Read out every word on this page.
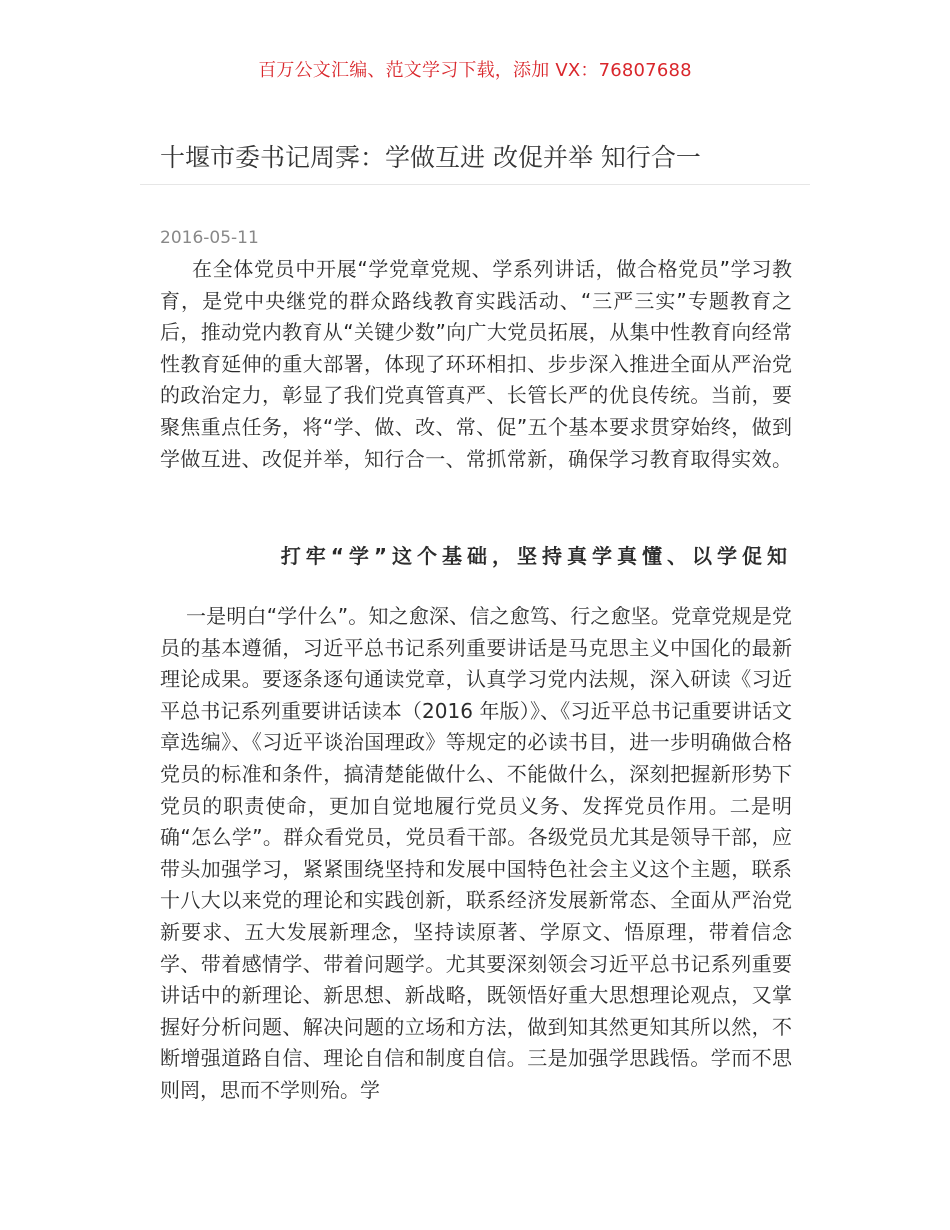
百万公文汇编、范文学习下载，添加 VX：76807688
十堰市委书记周霁：学做互进 改促并举 知行合一
2016-05-11
在全体党员中开展“学党章党规、学系列讲话，做合格党员”学习教育，是党中央继党的群众路线教育实践活动、“三严三实”专题教育之后，推动党内教育从“关键少数”向广大党员拓展，从集中性教育向经常性教育延伸的重大部署，体现了环环相扣、步步深入推进全面从严治党的政治定力，彰显了我们党真管真严、长管长严的优良传统。当前，要聚焦重点任务，将“学、做、改、常、促”五个基本要求贯穿始终，做到学做互进、改促并举，知行合一、常抓常新，确保学习教育取得实效。
打牢“学”这个基础，坚持真学真懂、以学促知
一是明白“学什么”。知之愈深、信之愈笃、行之愈坚。党章党规是党员的基本遵循，习近平总书记系列重要讲话是马克思主义中国化的最新理论成果。要逐条逐句通读党章，认真学习党内法规，深入研读《习近平总书记系列重要讲话读本（2016 年版）》、《习近平总书记重要讲话文章选编》、《习近平谈治国理政》等规定的必读书目，进一步明确做合格党员的标准和条件，搞清楚能做什么、不能做什么，深刻把握新形势下党员的职责使命，更加自觉地履行党员义务、发挥党员作用。二是明确“怎么学”。群众看党员，党员看干部。各级党员尤其是领导干部，应带头加强学习，紧紧围绕坚持和发展中国特色社会主义这个主题，联系十八大以来党的理论和实践创新，联系经济发展新常态、全面从严治党新要求、五大发展新理念，坚持读原著、学原文、悟原理，带着信念学、带着感情学、带着问题学。尤其要深刻领会习近平总书记系列重要讲话中的新理论、新思想、新战略，既领悟好重大思想理论观点，又掌握好分析问题、解决问题的立场和方法，做到知其然更知其所以然，不断增强道路自信、理论自信和制度自信。三是加强学思践悟。学而不思则罔，思而不学则殆。学
